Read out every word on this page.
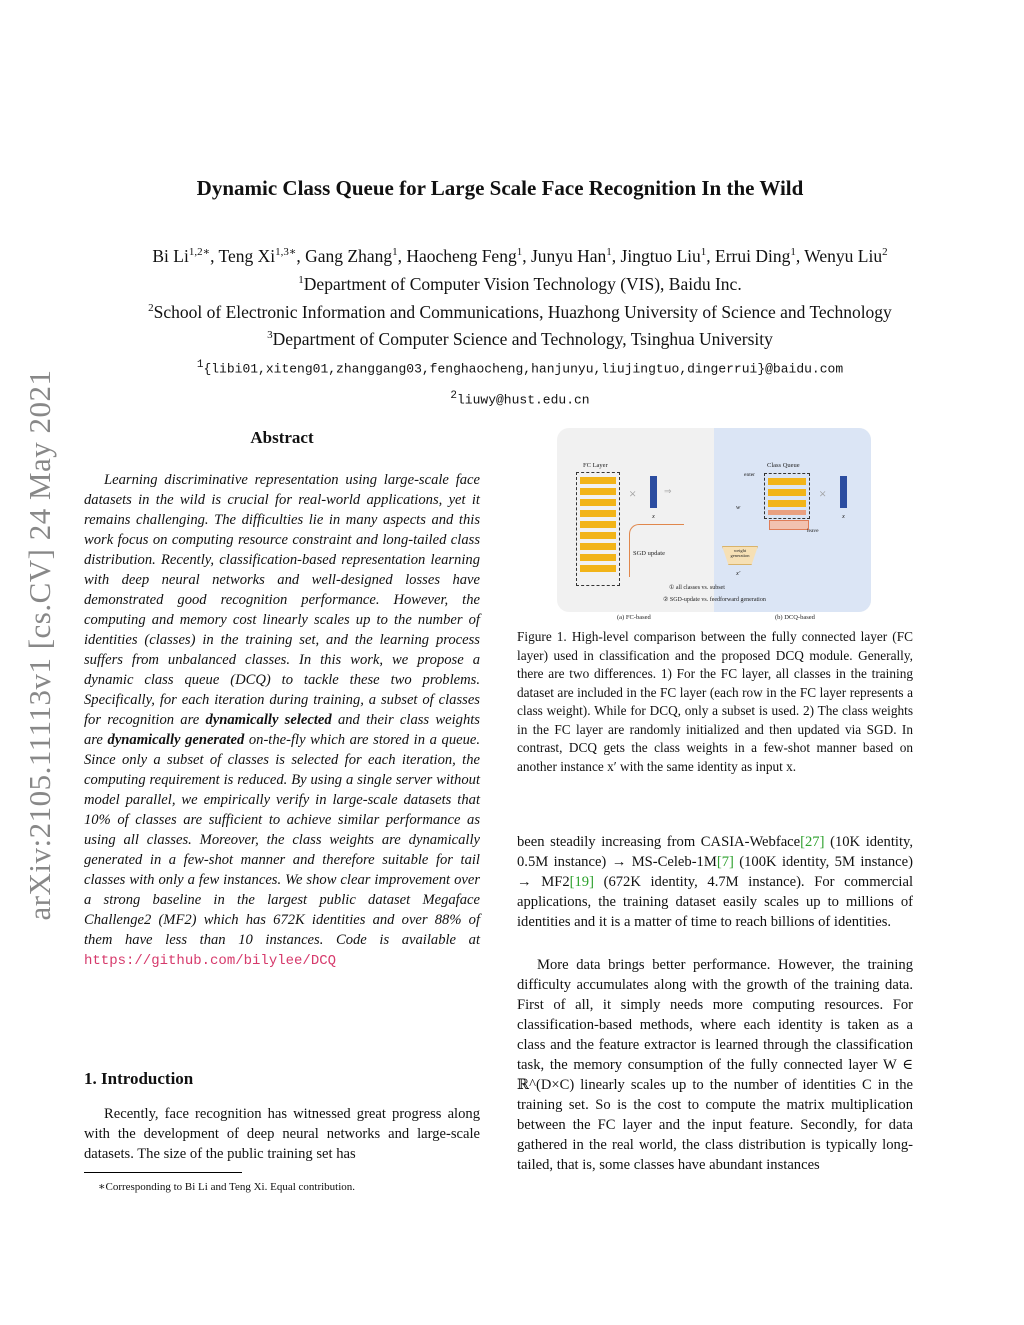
arXiv:2105.11113v1 [cs.CV] 24 May 2021
Dynamic Class Queue for Large Scale Face Recognition In the Wild
Bi $Li^{1,2∗}$, Teng $Xi^{1,3∗}$, Gang Zhang$^1$, Haocheng Feng$^1$, Junyu Han$^1$, Jingtuo Liu$^1$, Errui Ding$^1$, Wenyu Liu$^2$
$^1$Department of Computer Vision Technology (VIS), Baidu Inc.
$^2$School of Electronic Information and Communications, Huazhong University of Science and Technology
$^3$Department of Computer Science and Technology, Tsinghua University
$^1${libi01,xiteng01,zhanggang03,fenghaocheng,hanjunyu,liujingtuo,dingerrui}@baidu.com
$^2$liuwy@hust.edu.cn
Abstract
Learning discriminative representation using large-scale face datasets in the wild is crucial for real-world applications, yet it remains challenging. The difficulties lie in many aspects and this work focus on computing resource constraint and long-tailed class distribution. Recently, classification-based representation learning with deep neural networks and well-designed losses have demonstrated good recognition performance. However, the computing and memory cost linearly scales up to the number of identities (classes) in the training set, and the learning process suffers from unbalanced classes. In this work, we propose a dynamic class queue (DCQ) to tackle these two problems. Specifically, for each iteration during training, a subset of classes for recognition are dynamically selected and their class weights are dynamically generated on-the-fly which are stored in a queue. Since only a subset of classes is selected for each iteration, the computing requirement is reduced. By using a single server without model parallel, we empirically verify in large-scale datasets that 10% of classes are sufficient to achieve similar performance as using all classes. Moreover, the class weights are dynamically generated in a few-shot manner and therefore suitable for tail classes with only a few instances. We show clear improvement over a strong baseline in the largest public dataset Megaface Challenge2 (MF2) which has 672K identities and over 88% of them have less than 10 instances. Code is available at https://github.com/bilylee/DCQ
1. Introduction
Recently, face recognition has witnessed great progress along with the development of deep neural networks and large-scale datasets. The size of the public training set has
∗Corresponding to Bi Li and Teng Xi. Equal contribution.
FC Layer
×
x
⇒
SGD update
Class Queue
enter
leave
×
x
w
weight generation
x′
① all classes vs. subset
② SGD-update vs. feedforward generation
(a) FC-based	(b) DCQ-based
Figure 1. High-level comparison between the fully connected layer (FC layer) used in classification and the proposed DCQ module. Generally, there are two differences. 1) For the FC layer, all classes in the training dataset are included in the FC layer (each row in the FC layer represents a class weight). While for DCQ, only a subset is used. 2) The class weights in the FC layer are randomly initialized and then updated via SGD. In contrast, DCQ gets the class weights in a few-shot manner based on another instance x′ with the same identity as input x.
been steadily increasing from CASIA-Webface[27] (10K identity, 0.5M instance) → MS-Celeb-1M[7] (100K identity, 5M instance) → MF2[19] (672K identity, 4.7M instance). For commercial applications, the training dataset easily scales up to millions of identities and it is a matter of time to reach billions of identities.
More data brings better performance. However, the training difficulty accumulates along with the growth of the training data. First of all, it simply needs more computing resources. For classification-based methods, where each identity is taken as a class and the feature extractor is learned through the classification task, the memory consumption of the fully connected layer W ∈ ℝ^(D×C) linearly scales up to the number of identities C in the training set. So is the cost to compute the matrix multiplication between the FC layer and the input feature. Secondly, for data gathered in the real world, the class distribution is typically long-tailed, that is, some classes have abundant instances
